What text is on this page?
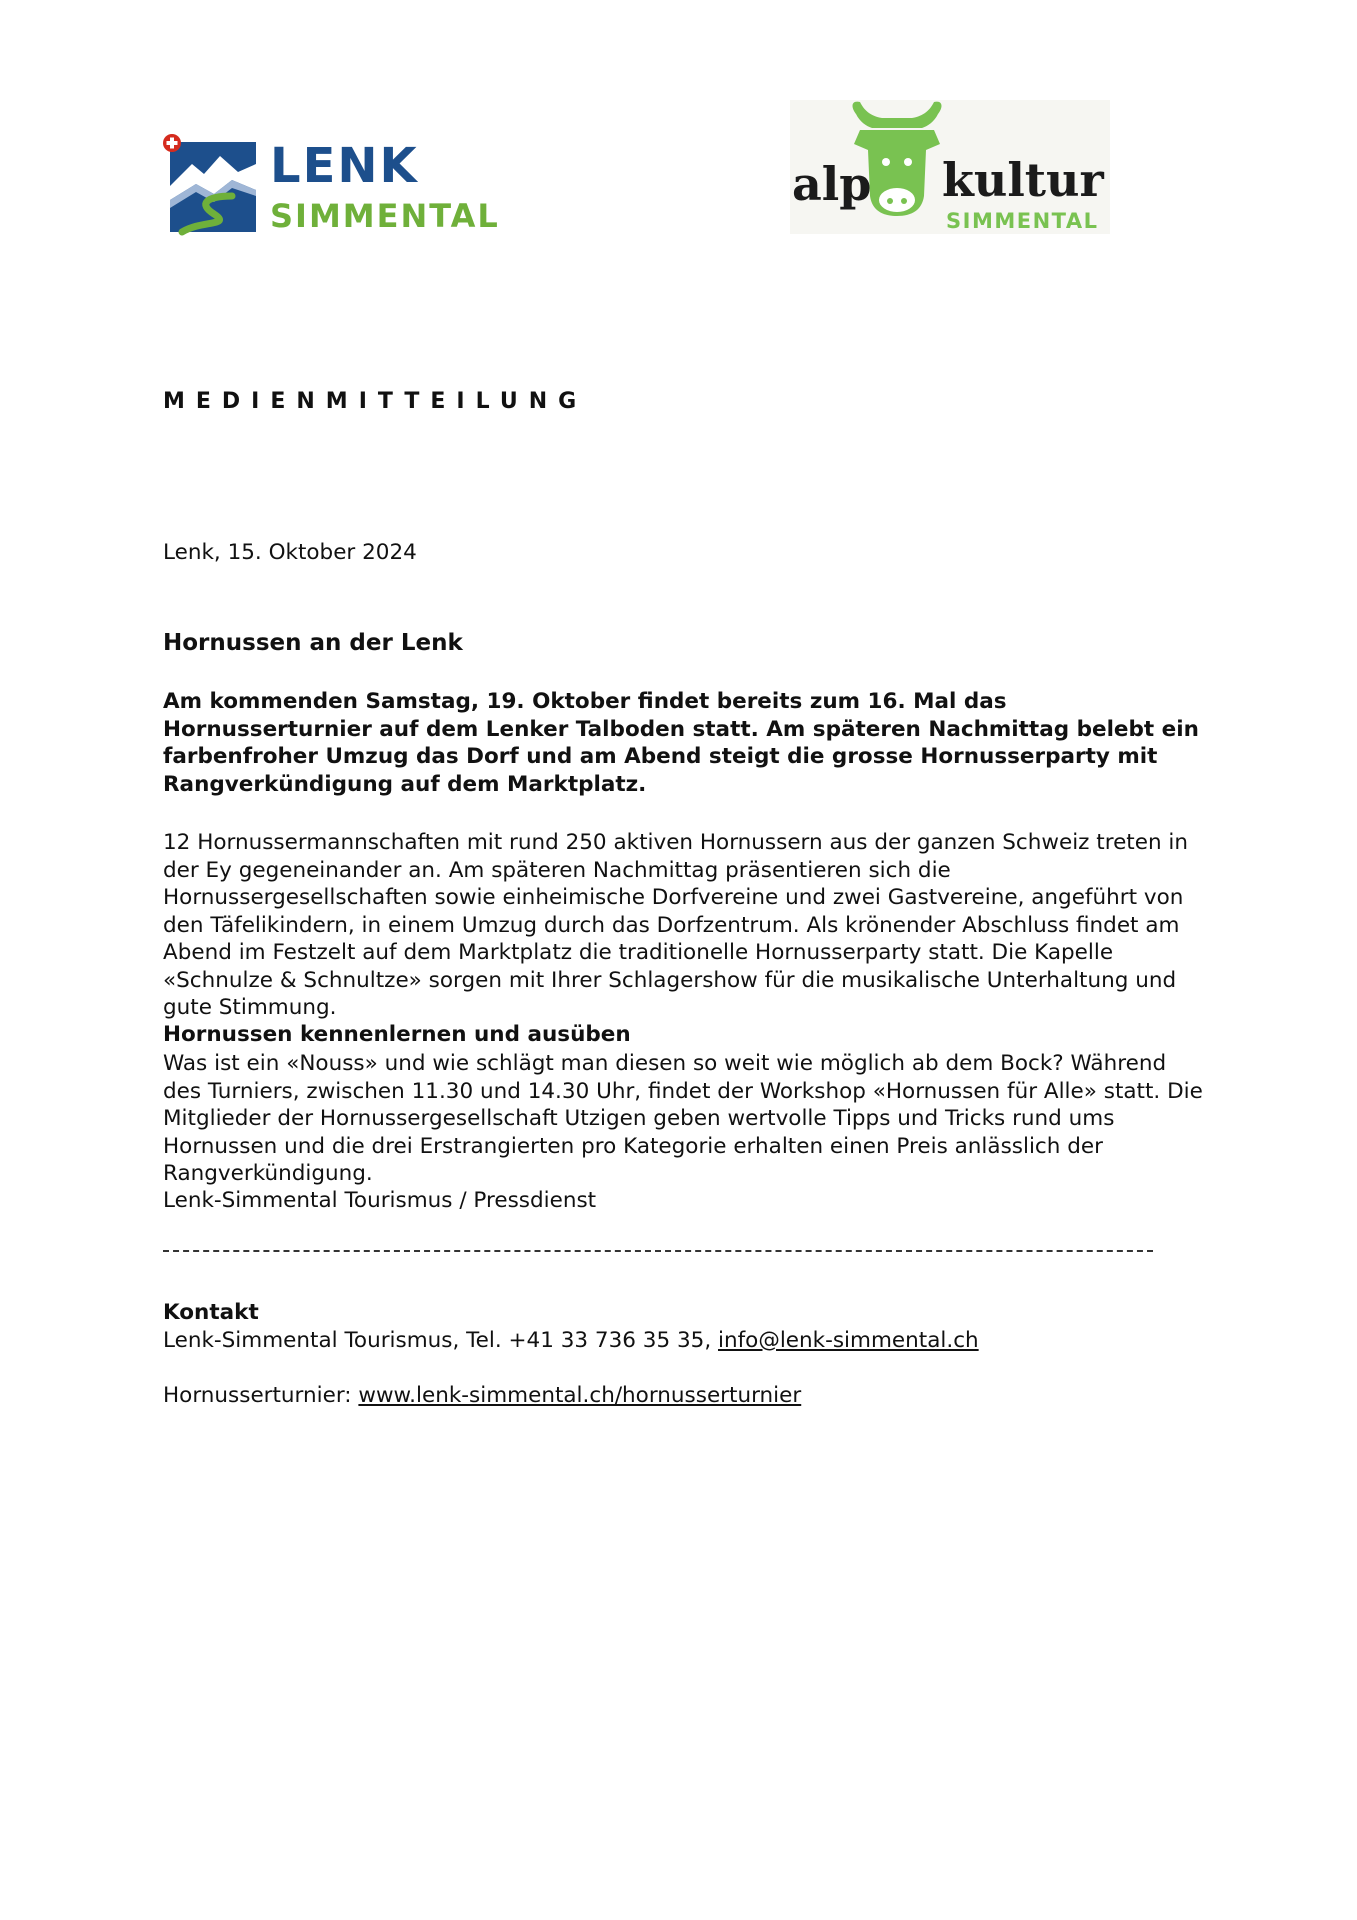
LENK
SIMMENTAL
alp kultur
SIMMENTAL

MEDIENMITTEILUNG

Lenk, 15. Oktober 2024

Hornussen an der Lenk

Am kommenden Samstag, 19. Oktober findet bereits zum 16. Mal das Hornusserturnier auf dem Lenker Talboden statt. Am späteren Nachmittag belebt ein farbenfroher Umzug das Dorf und am Abend steigt die grosse Hornusserparty mit Rangverkündigung auf dem Marktplatz.

12 Hornussermannschaften mit rund 250 aktiven Hornussern aus der ganzen Schweiz treten in der Ey gegeneinander an. Am späteren Nachmittag präsentieren sich die Hornussergesellschaften sowie einheimische Dorfvereine und zwei Gastvereine, angeführt von den Täfelikindern, in einem Umzug durch das Dorfzentrum. Als krönender Abschluss findet am Abend im Festzelt auf dem Marktplatz die traditionelle Hornusserparty statt. Die Kapelle «Schnulze & Schnultze» sorgen mit Ihrer Schlagershow für die musikalische Unterhaltung und gute Stimmung.

Hornussen kennenlernen und ausüben

Was ist ein «Nouss» und wie schlägt man diesen so weit wie möglich ab dem Bock? Während des Turniers, zwischen 11.30 und 14.30 Uhr, findet der Workshop «Hornussen für Alle» statt. Die Mitglieder der Hornussergesellschaft Utzigen geben wertvolle Tipps und Tricks rund ums Hornussen und die drei Erstrangierten pro Kategorie erhalten einen Preis anlässlich der Rangverkündigung.

Lenk-Simmental Tourismus / Pressdienst

Kontakt

Lenk-Simmental Tourismus, Tel. +41 33 736 35 35, info@lenk-simmental.ch

Hornusserturnier: www.lenk-simmental.ch/hornusserturnier
